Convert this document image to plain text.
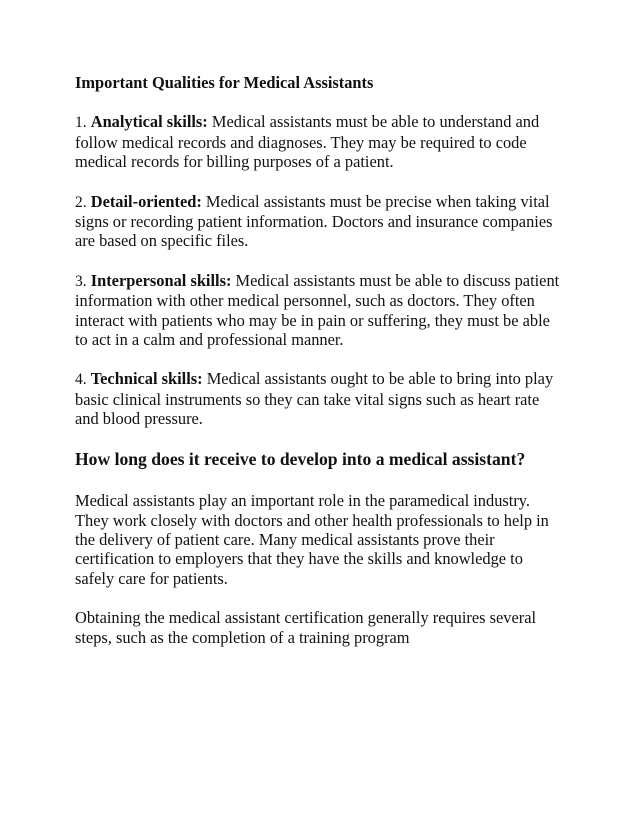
Important Qualities for Medical Assistants
1. Analytical skills: Medical assistants must be able to understand and follow medical records and diagnoses. They may be required to code medical records for billing purposes of a patient.
2. Detail-oriented: Medical assistants must be precise when taking vital signs or recording patient information. Doctors and insurance companies are based on specific files.
3. Interpersonal skills: Medical assistants must be able to discuss patient information with other medical personnel, such as doctors. They often interact with patients who may be in pain or suffering, they must be able to act in a calm and professional manner.
4. Technical skills: Medical assistants ought to be able to bring into play basic clinical instruments so they can take vital signs such as heart rate and blood pressure.
How long does it receive to develop into a medical assistant?
Medical assistants play an important role in the paramedical industry. They work closely with doctors and other health professionals to help in the delivery of patient care. Many medical assistants prove their certification to employers that they have the skills and knowledge to safely care for patients.
Obtaining the medical assistant certification generally requires several steps, such as the completion of a training program
